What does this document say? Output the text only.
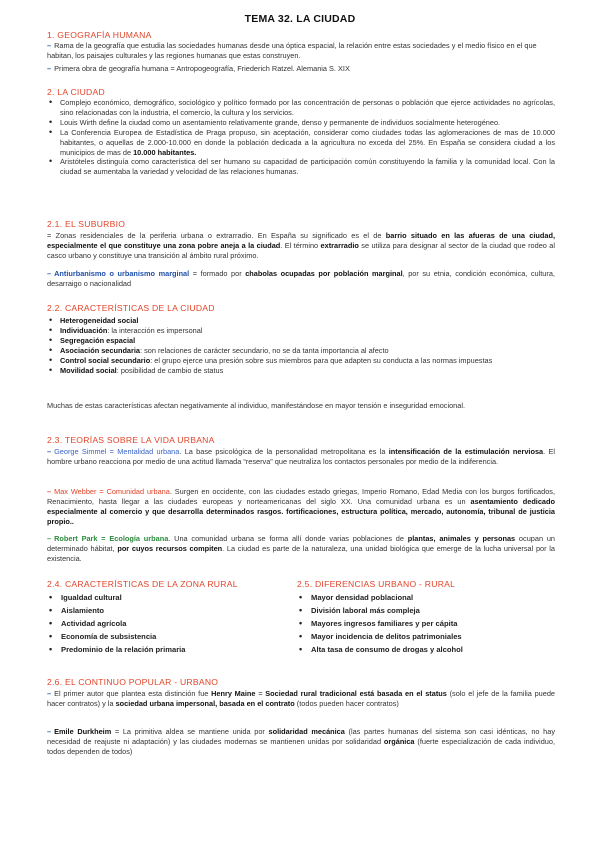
TEMA 32. LA CIUDAD
1. GEOGRAFÍA HUMANA
– Rama de la geografía que estudia las sociedades humanas desde una óptica espacial, la relación entre estas sociedades y el medio físico en el que habitan, los paisajes culturales y las regiones humanas que estas construyen.
– Primera obra de geografía humana = Antropogeografía, Friederich Ratzel. Alemania S. XIX
2. LA CIUDAD
• Complejo económico, demográfico, sociológico y político formado por las concentración de personas o población que ejerce actividades no agrícolas, sino relacionadas con la industria, el comercio, la cultura y los servicios.
• Louis Wirth define la ciudad como un asentamiento relativamente grande, denso y permanente de individuos socialmente heterogéneo.
• La Conferencia Europea de Estadística de Praga propuso, sin aceptación, considerar como ciudades todas las aglomeraciones de mas de 10.000 habitantes, o aquellas de 2.000-10.000 en donde la población dedicada a la agricultura no exceda del 25%. En España se considera ciudad a los municipios de mas de 10.000 habitantes.
• Aristóteles distinguía como característica del ser humano su capacidad de participación común constituyendo la familia y la comunidad local. Con la ciudad se aumentaba la variedad y velocidad de las relaciones humanas.
2.1. EL SUBURBIO
= Zonas residenciales de la periferia urbana o extrarradio. En España su significado es el de barrio situado en las afueras de una ciudad, especialmente el que constituye una zona pobre aneja a la ciudad. El término extrarradio se utiliza para designar al sector de la ciudad que rodeo al casco urbano y constituye una transición al ámbito rural próximo.
– Antiurbanismo o urbanismo marginal = formado por chabolas ocupadas por población marginal, por su etnia, condición económica, cultura, desarraigo o nacionalidad
2.2. CARACTERÍSTICAS DE LA CIUDAD
• Heterogeneidad social
• Individuación: la interacción es impersonal
• Segregación espacial
• Asociación secundaria: son relaciones de carácter secundario, no se da tanta importancia al afecto
• Control social secundario: el grupo ejerce una presión sobre sus miembros para que adapten su conducta a las normas impuestas
• Movilidad social: posibilidad de cambio de status
Muchas de estas características afectan negativamente al individuo, manifestándose en mayor tensión e inseguridad emocional.
2.3. TEORÍAS SOBRE LA VIDA URBANA
– George Simmel = Mentalidad urbana. La base psicológica de la personalidad metropolitana es la intensificación de la estimulación nerviosa. El hombre urbano reacciona por medio de una actitud llamada “reserva” que neutraliza los contactos personales por medio de la indiferencia.
– Max Webber = Comunidad urbana. Surgen en occidente, con las ciudades estado griegas, Imperio Romano, Edad Media con los burgos fortificados, Renacimiento, hasta llegar a las ciudades europeas y norteamericanas del siglo XX. Una comunidad urbana es un asentamiento dedicado especialmente al comercio y que desarrolla determinados rasgos. fortificaciones, estructura política, mercado, autonomía, tribunal de justicia propio..
– Robert Park = Ecología urbana. Una comunidad urbana se forma allí donde varias poblaciones de plantas, animales y personas ocupan un determinado hábitat, por cuyos recursos compiten. La ciudad es parte de la naturaleza, una unidad biológica que emerge de la lucha universal por la existencia.
2.4. CARACTERÍSTICAS DE LA ZONA RURAL
• Igualdad cultural
• Aislamiento
• Actividad agrícola
• Economía de subsistencia
• Predominio de la relación primaria
2.5. DIFERENCIAS URBANO - RURAL
• Mayor densidad poblacional
• División laboral más compleja
• Mayores ingresos familiares y per cápita
• Mayor incidencia de delitos patrimoniales
• Alta tasa de consumo de drogas y alcohol
2.6. EL CONTINUO POPULAR - URBANO
– El primer autor que plantea esta distinción fue Henry Maine = Sociedad rural tradicional está basada en el status (solo el jefe de la familia puede hacer contratos) y la sociedad urbana impersonal, basada en el contrato (todos pueden hacer contratos)
– Emile Durkheim = La primitiva aldea se mantiene unida por solidaridad mecánica (las partes humanas del sistema son casi idénticas, no hay necesidad de reajuste ni adaptación) y las ciudades modernas se mantienen unidas por solidaridad orgánica (fuerte especialización de cada individuo, todos dependen de todos)
